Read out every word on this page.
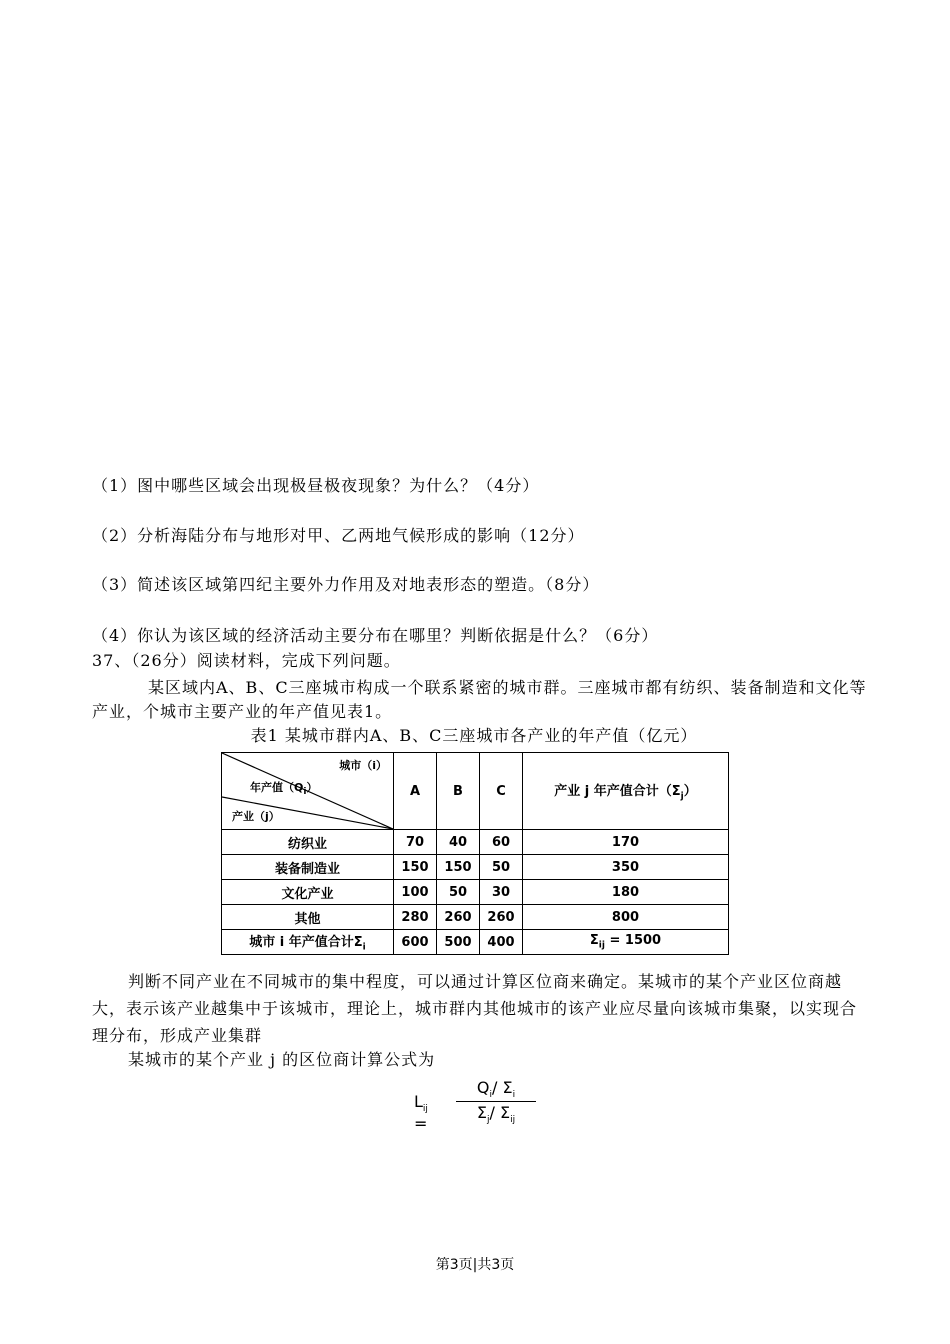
（1）图中哪些区域会出现极昼极夜现象？为什么？（4分）
（2）分析海陆分布与地形对甲、乙两地气候形成的影响（12分）
（3）简述该区域第四纪主要外力作用及对地表形态的塑造。（8分）
（4）你认为该区域的经济活动主要分布在哪里？判断依据是什么？（6分）
37、（26分）阅读材料，完成下列问题。
某区域内A、B、C三座城市构成一个联系紧密的城市群。三座城市都有纺织、装备制造和文化等产业，个城市主要产业的年产值见表1。
表1 某城市群内A、B、C三座城市各产业的年产值（亿元）
城市（i）
年产值$(Q_i)$
产业（j）	A	B	C	产业 j 年产值合计$(\Sigma_j)$
纺织业	70	40	60	170
装备制造业	150	150	50	350
文化产业	100	50	30	180
其他	280	260	260	800
城市 i 年产值合计$\Sigma_i$	600	500	400	$\Sigma_{ij} = 1500$
判断不同产业在不同城市的集中程度，可以通过计算区位商来确定。某城市的某个产业区位商越大，表示该产业越集中于该城市，理论上，城市群内其他城市的该产业应尽量向该城市集聚，以实现合理分布，形成产业集群
某城市的某个产业 j 的区位商计算公式为
$L_{ij}$ =
$Q_i/$ $\Sigma_i$
$\Sigma_j/$ $\Sigma_{ij}$
第3页|共3页
